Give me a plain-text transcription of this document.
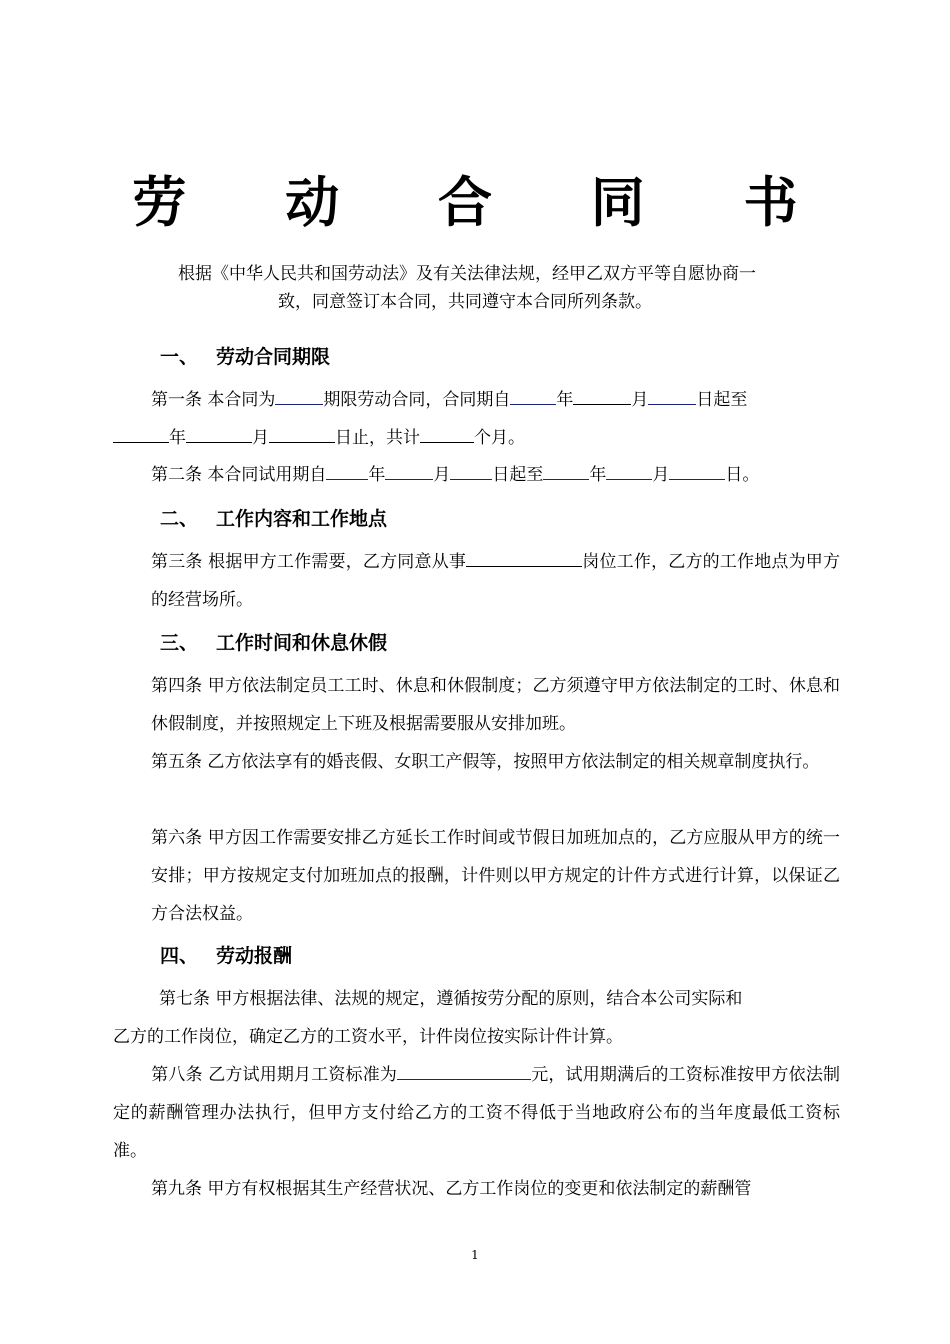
劳 动 合 同 书
根据《中华人民共和国劳动法》及有关法律法规，经甲乙双方平等自愿协商一
致，同意签订本合同，共同遵守本合同所列条款。
一、 劳动合同期限
第一条 本合同为	期限劳动合同，合同期自	年	月	日起至
年	月	日止，共计	个月。
第二条 本合同试用期自 年	月 日起至	年	月	日。
二、 工作内容和工作地点
第三条 根据甲方工作需要，乙方同意从事	岗位工作，乙方的工作地点为甲方的经营场所。
三、 工作时间和休息休假
第四条 甲方依法制定员工工时、休息和休假制度；乙方须遵守甲方依法制定的工时、休息和休假制度，并按照规定上下班及根据需要服从安排加班。
第五条 乙方依法享有的婚丧假、女职工产假等，按照甲方依法制定的相关规章制度执行。
第六条 甲方因工作需要安排乙方延长工作时间或节假日加班加点的，乙方应服从甲方的统一安排；甲方按规定支付加班加点的报酬，计件则以甲方规定的计件方式进行计算，以保证乙方合法权益。
四、 劳动报酬
第七条 甲方根据法律、法规的规定，遵循按劳分配的原则，结合本公司实际和
乙方的工作岗位，确定乙方的工资水平，计件岗位按实际计件计算。
第八条 乙方试用期月工资标准为	元，试用期满后的工资标准按甲方依法制定的薪酬管理办法执行，但甲方支付给乙方的工资不得低于当地政府公布的当年度最低工资标准。
第九条 甲方有权根据其生产经营状况、乙方工作岗位的变更和依法制定的薪酬管
1
